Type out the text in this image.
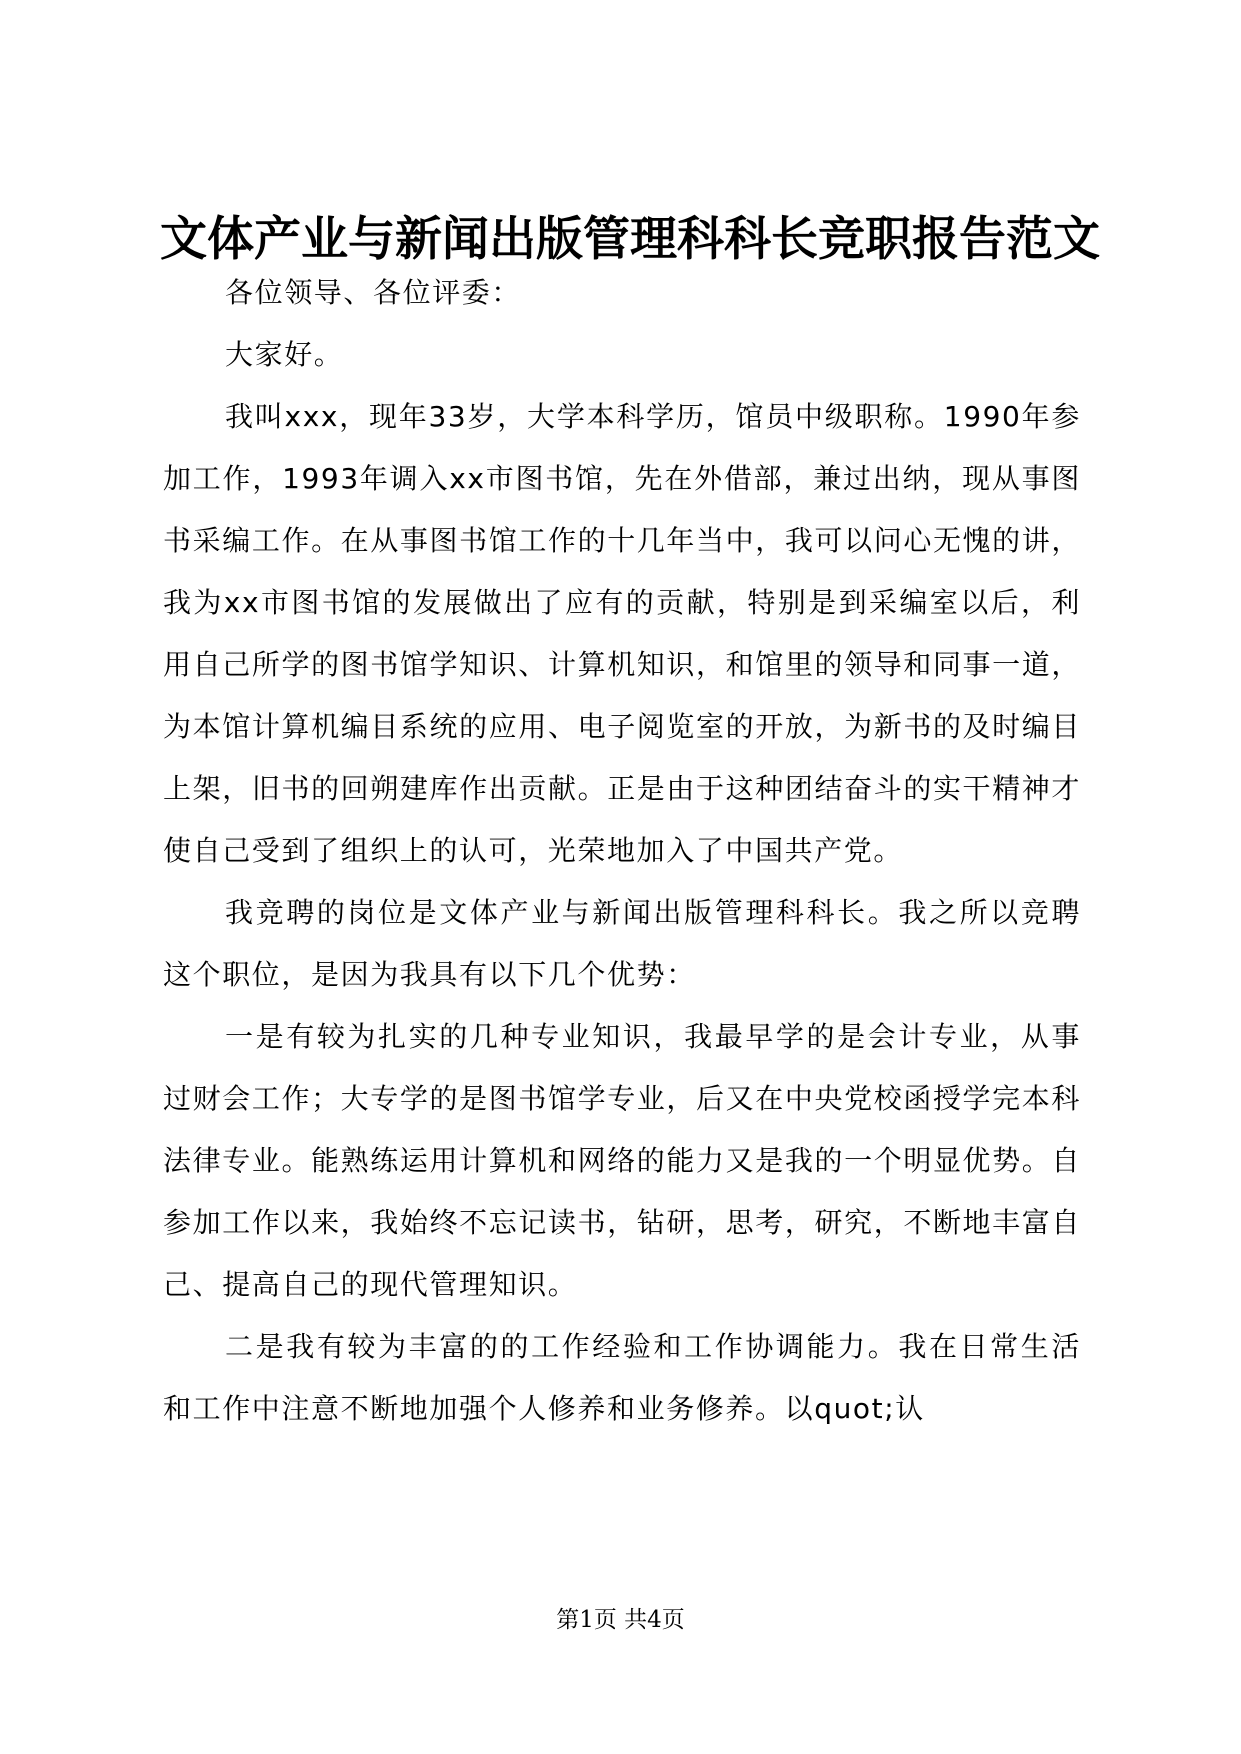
文体产业与新闻出版管理科科长竞职报告范文

各位领导、各位评委：

大家好。

我叫xxx，现年33岁，大学本科学历，馆员中级职称。1990年参加工作，1993年调入xx市图书馆，先在外借部，兼过出纳，现从事图书采编工作。在从事图书馆工作的十几年当中，我可以问心无愧的讲，我为xx市图书馆的发展做出了应有的贡献，特别是到采编室以后，利用自己所学的图书馆学知识、计算机知识，和馆里的领导和同事一道，为本馆计算机编目系统的应用、电子阅览室的开放，为新书的及时编目上架，旧书的回朔建库作出贡献。正是由于这种团结奋斗的实干精神才使自己受到了组织上的认可，光荣地加入了中国共产党。

我竞聘的岗位是文体产业与新闻出版管理科科长。我之所以竞聘这个职位，是因为我具有以下几个优势：

一是有较为扎实的几种专业知识，我最早学的是会计专业，从事过财会工作；大专学的是图书馆学专业，后又在中央党校函授学完本科法律专业。能熟练运用计算机和网络的能力又是我的一个明显优势。自参加工作以来，我始终不忘记读书，钻研，思考，研究，不断地丰富自己、提高自己的现代管理知识。

二是我有较为丰富的的工作经验和工作协调能力。我在日常生活和工作中注意不断地加强个人修养和业务修养。以quot;认

第1页 共4页
